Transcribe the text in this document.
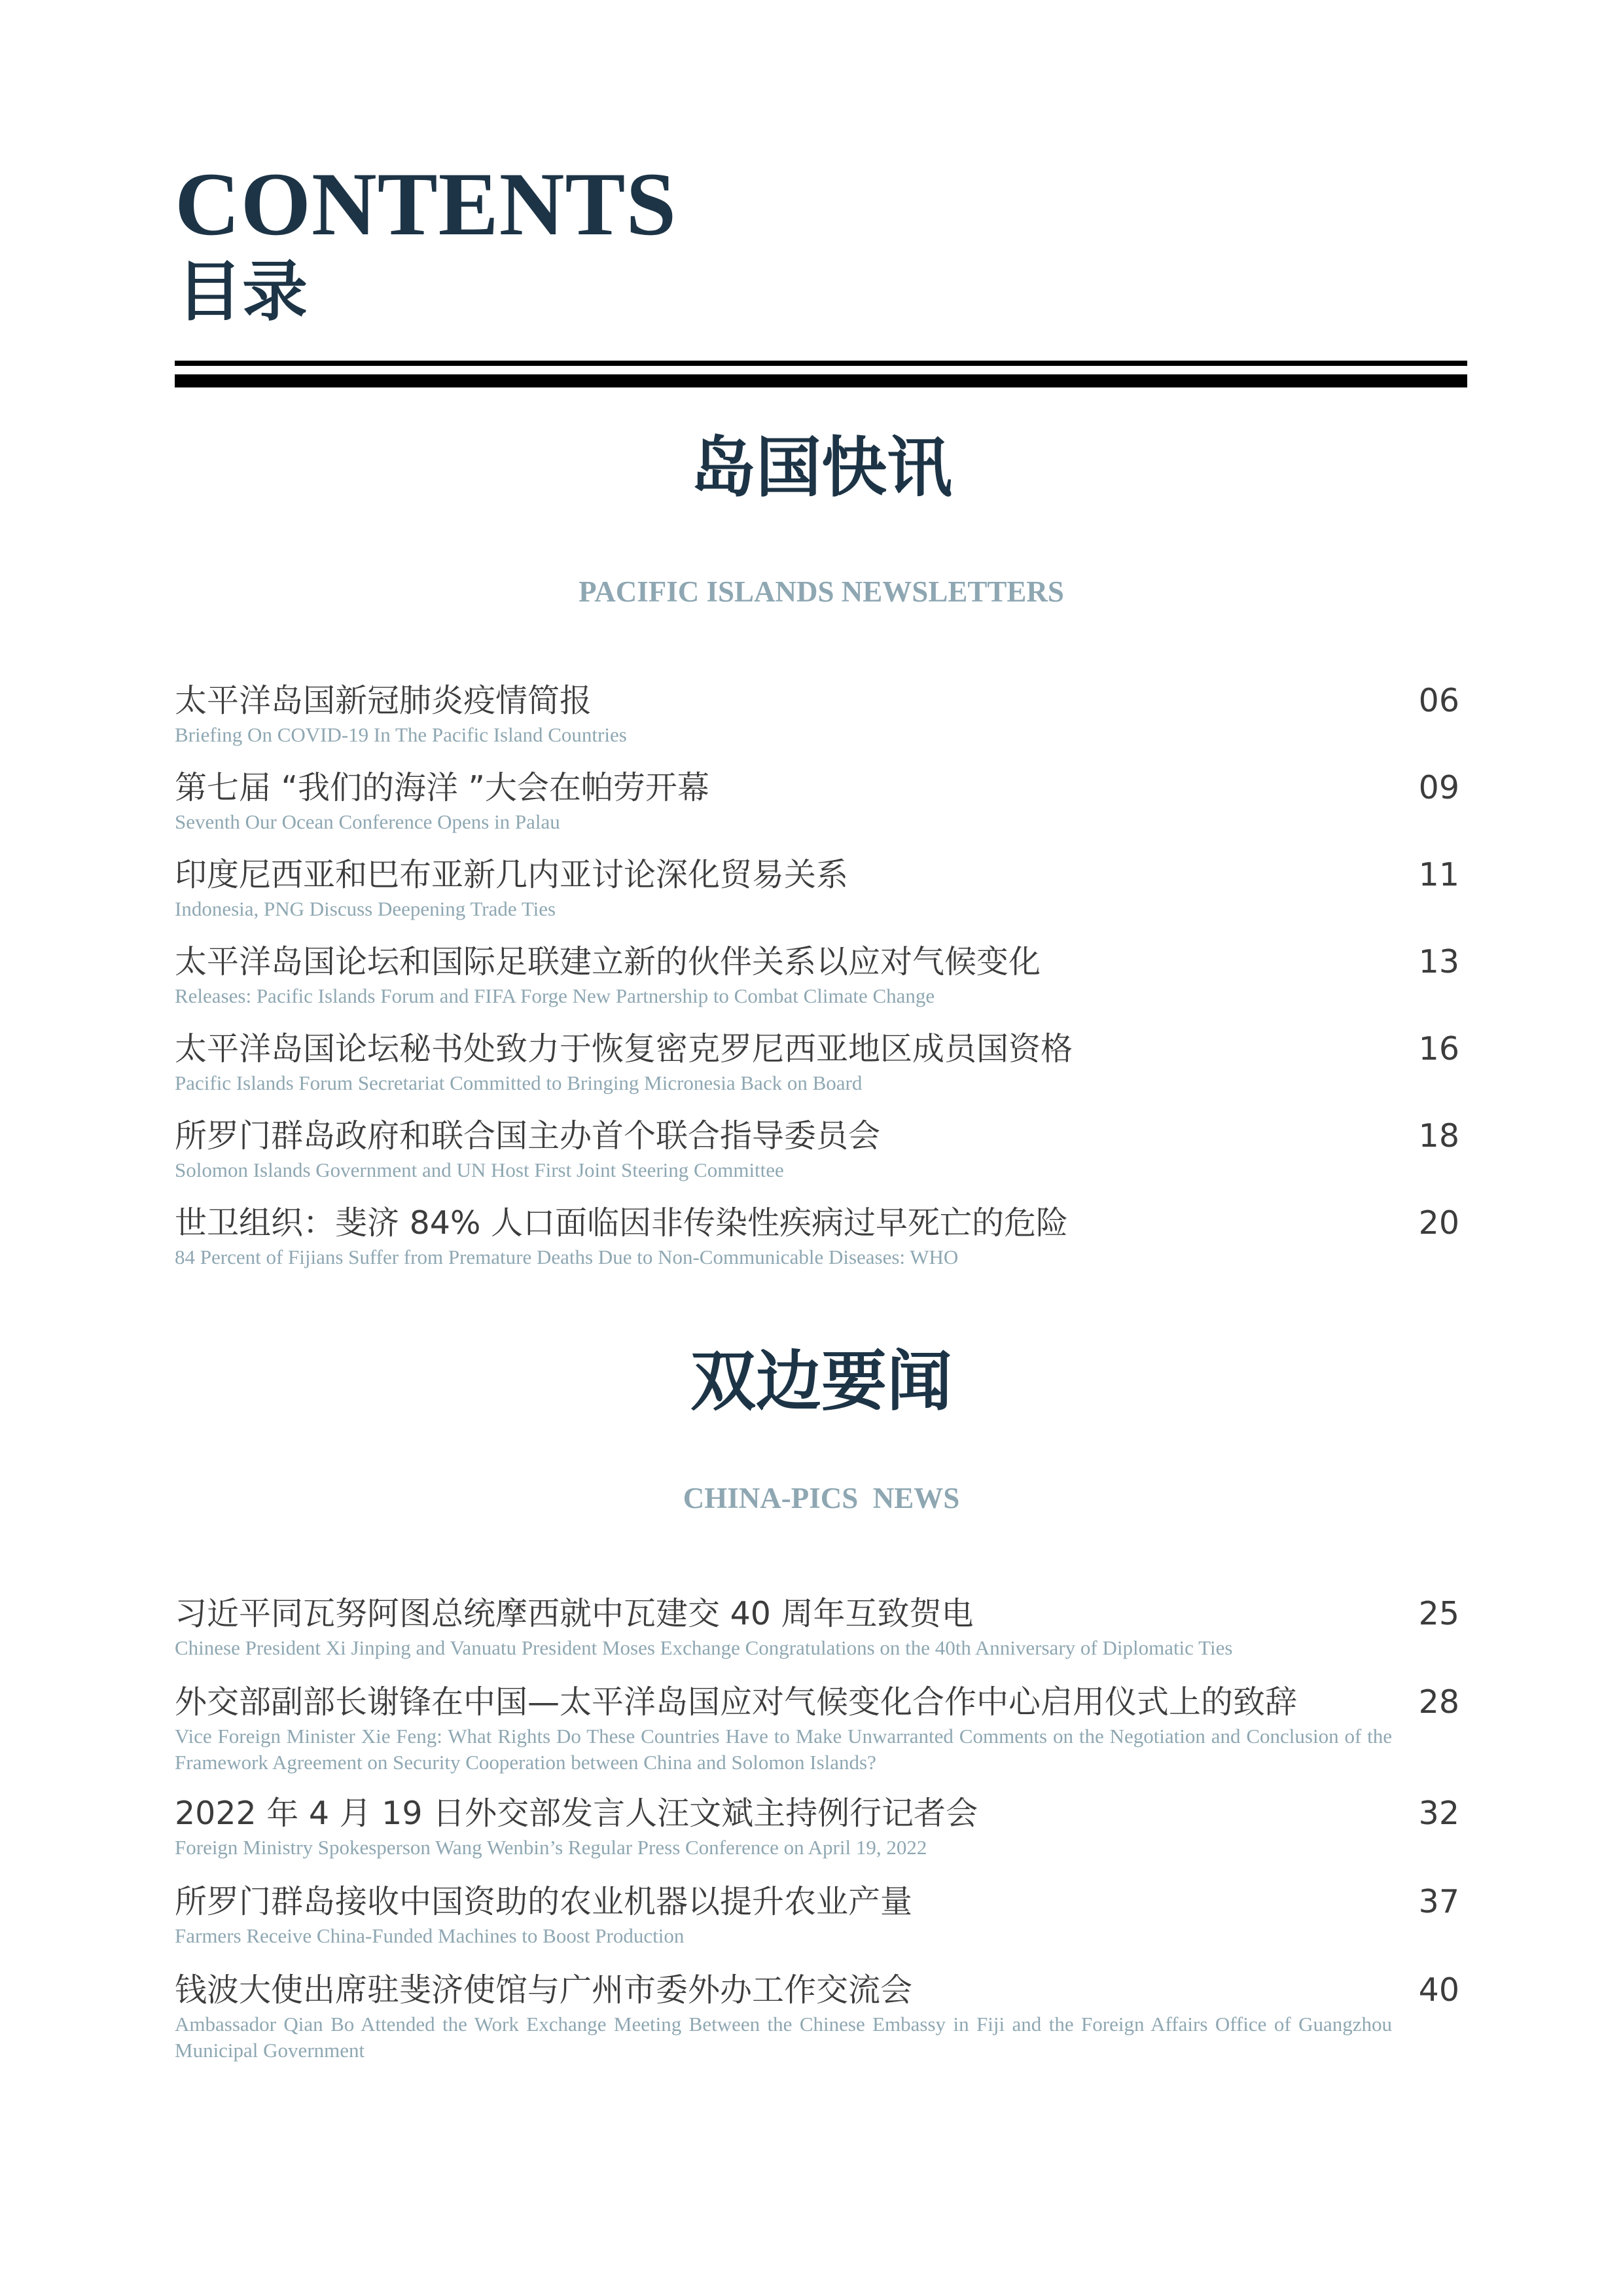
CONTENTS
目录
岛国快讯
PACIFIC ISLANDS NEWSLETTERS
太平洋岛国新冠肺炎疫情简报
Briefing On COVID-19 In The Pacific Island Countries
06
第七届 “我们的海洋 ”大会在帕劳开幕
Seventh Our Ocean Conference Opens in Palau
09
印度尼西亚和巴布亚新几内亚讨论深化贸易关系
Indonesia, PNG Discuss Deepening Trade Ties
11
太平洋岛国论坛和国际足联建立新的伙伴关系以应对气候变化
Releases: Pacific Islands Forum and FIFA Forge New Partnership to Combat Climate Change
13
太平洋岛国论坛秘书处致力于恢复密克罗尼西亚地区成员国资格
Pacific Islands Forum Secretariat Committed to Bringing Micronesia Back on Board
16
所罗门群岛政府和联合国主办首个联合指导委员会
Solomon Islands Government and UN Host First Joint Steering Committee
18
世卫组织：斐济 84% 人口面临因非传染性疾病过早死亡的危险
84 Percent of Fijians Suffer from Premature Deaths Due to Non-Communicable Diseases: WHO
20
双边要闻
CHINA-PICS  NEWS
习近平同瓦努阿图总统摩西就中瓦建交 40 周年互致贺电
Chinese President Xi Jinping and Vanuatu President Moses Exchange Congratulations on the 40th Anniversary of Diplomatic Ties
25
外交部副部长谢锋在中国—太平洋岛国应对气候变化合作中心启用仪式上的致辞
Vice Foreign Minister Xie Feng: What Rights Do These Countries Have to Make Unwarranted Comments on the Negotiation and Conclusion of the Framework Agreement on Security Cooperation between China and Solomon Islands?
28
2022 年 4 月 19 日外交部发言人汪文斌主持例行记者会
Foreign Ministry Spokesperson Wang Wenbin’s Regular Press Conference on April 19, 2022
32
所罗门群岛接收中国资助的农业机器以提升农业产量
Farmers Receive China-Funded Machines to Boost Production
37
钱波大使出席驻斐济使馆与广州市委外办工作交流会
Ambassador Qian Bo Attended the Work Exchange Meeting Between the Chinese Embassy in Fiji and the Foreign Affairs Office of Guangzhou Municipal Government
40
